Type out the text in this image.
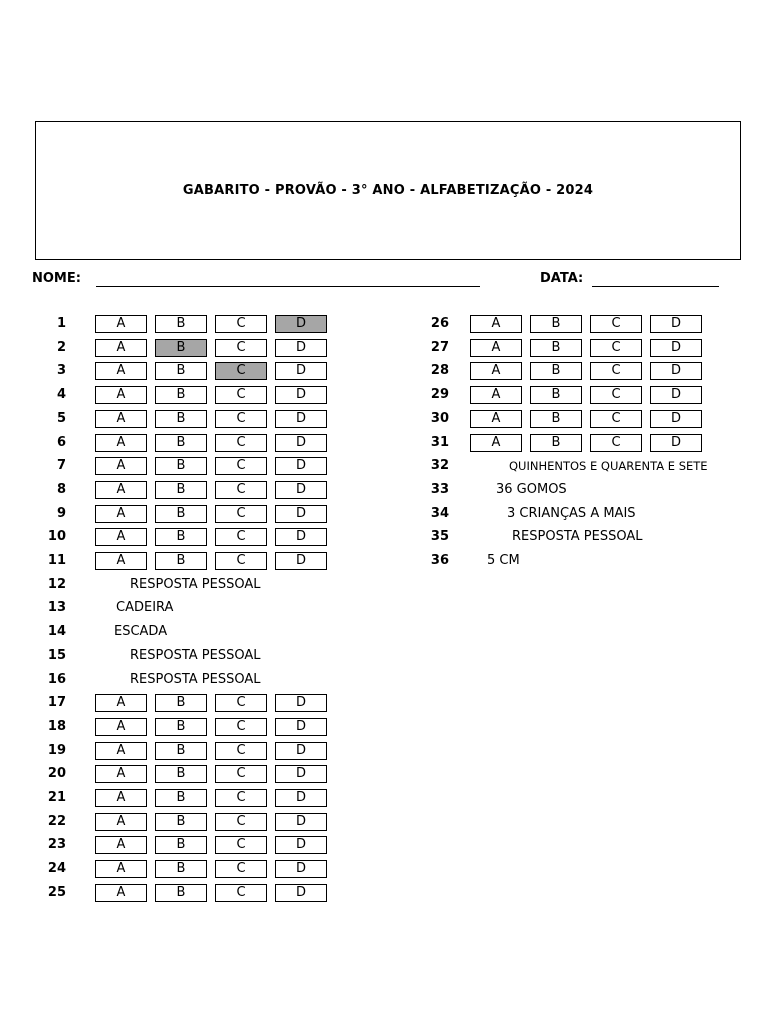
GABARITO - PROVÃO - 3° ANO - ALFABETIZAÇÃO - 2024
NOME:	DATA:
1	A	B	C	D
2	A	B	C	D
3	A	B	C	D
4	A	B	C	D
5	A	B	C	D
6	A	B	C	D
7	A	B	C	D
8	A	B	C	D
9	A	B	C	D
10	A	B	C	D
11	A	B	C	D
12	RESPOSTA PESSOAL
13	CADEIRA
14	ESCADA
15	RESPOSTA PESSOAL
16	RESPOSTA PESSOAL
17	A	B	C	D
18	A	B	C	D
19	A	B	C	D
20	A	B	C	D
21	A	B	C	D
22	A	B	C	D
23	A	B	C	D
24	A	B	C	D
25	A	B	C	D
26	A	B	C	D
27	A	B	C	D
28	A	B	C	D
29	A	B	C	D
30	A	B	C	D
31	A	B	C	D
32	QUINHENTOS E QUARENTA E SETE
33	36 GOMOS
34	3 CRIANÇAS A MAIS
35	RESPOSTA PESSOAL
36	5 CM
